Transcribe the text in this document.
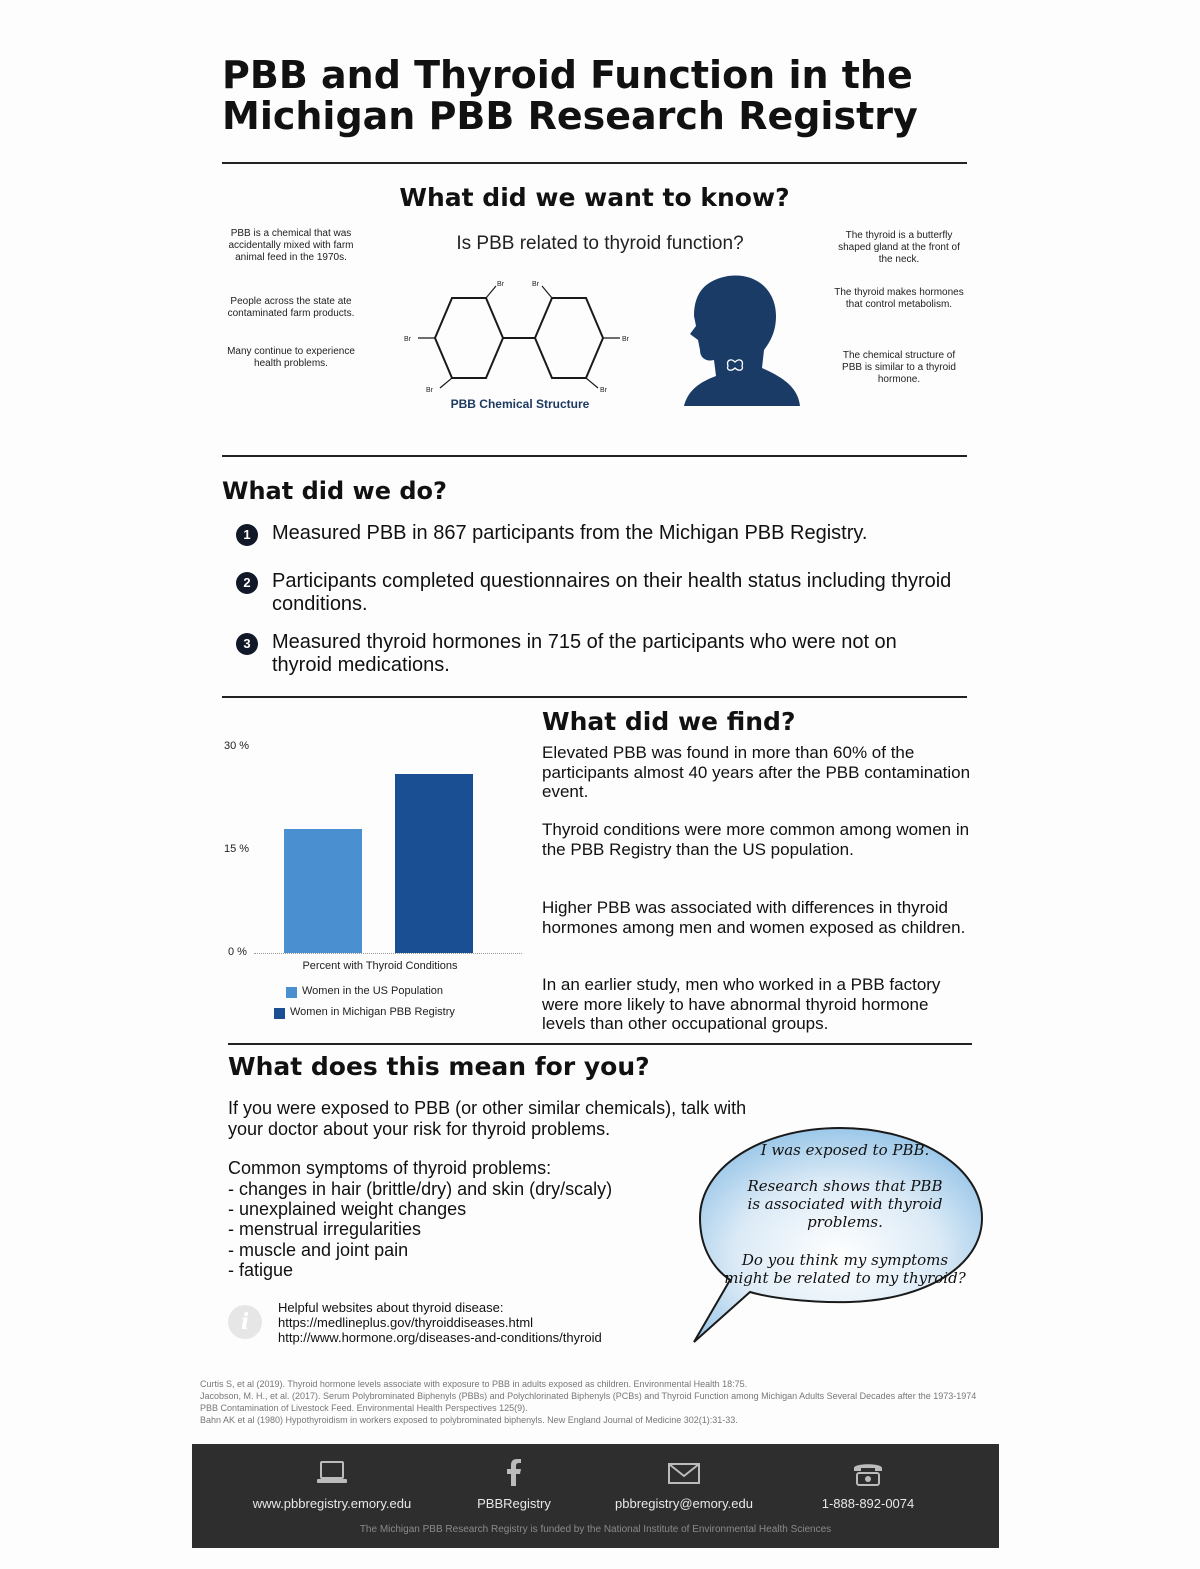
PBB and Thyroid Function in the
Michigan PBB Research Registry
What did we want to know?
PBB is a chemical that was accidentally mixed with farm animal feed in the 1970s.
People across the state ate contaminated farm products.
Many continue to experience health problems.
Is PBB related to thyroid function?
Br	Br
Br	Br
Br	Br
PBB Chemical Structure
The thyroid is a butterfly shaped gland at the front of the neck.
The thyroid makes hormones that control metabolism.
The chemical structure of PBB is similar to a thyroid hormone.
What did we do?
1	Measured PBB in 867 participants from the Michigan PBB Registry.
2	Participants completed questionnaires on their health status including thyroid conditions.
3	Measured thyroid hormones in 715 of the participants who were not on thyroid medications.
30 %
15 %
0 %
Percent with Thyroid Conditions
Women in the US Population
Women in Michigan PBB Registry
What did we find?
Elevated PBB was found in more than 60% of the participants almost 40 years after the PBB contamination event.
Thyroid conditions were more common among women in the PBB Registry than the US population.
Higher PBB was associated with differences in thyroid hormones among men and women exposed as children.
In an earlier study, men who worked in a PBB factory were more likely to have abnormal thyroid hormone levels than other occupational groups.
What does this mean for you?
If you were exposed to PBB (or other similar chemicals), talk with your doctor about your risk for thyroid problems.
Common symptoms of thyroid problems:
- changes in hair (brittle/dry) and skin (dry/scaly)
- unexplained weight changes
- menstrual irregularities
- muscle and joint pain
- fatigue
I was exposed to PBB.
Research shows that PBB is associated with thyroid problems.
Do you think my symptoms might be related to my thyroid?
i
Helpful websites about thyroid disease:
https://medlineplus.gov/thyroiddiseases.html
http://www.hormone.org/diseases-and-conditions/thyroid
Curtis S, et al (2019). Thyroid hormone levels associate with exposure to PBB in adults exposed as children. Environmental Health 18:75.
Jacobson, M. H., et al. (2017). Serum Polybrominated Biphenyls (PBBs) and Polychlorinated Biphenyls (PCBs) and Thyroid Function among Michigan Adults Several Decades after the 1973-1974 PBB Contamination of Livestock Feed. Environmental Health Perspectives 125(9).
Bahn AK et al (1980) Hypothyroidism in workers exposed to polybrominated biphenyls. New England Journal of Medicine 302(1):31-33.
www.pbbregistry.emory.edu	PBBRegistry	pbbregistry@emory.edu	1-888-892-0074
The Michigan PBB Research Registry is funded by the National Institute of Environmental Health Sciences
